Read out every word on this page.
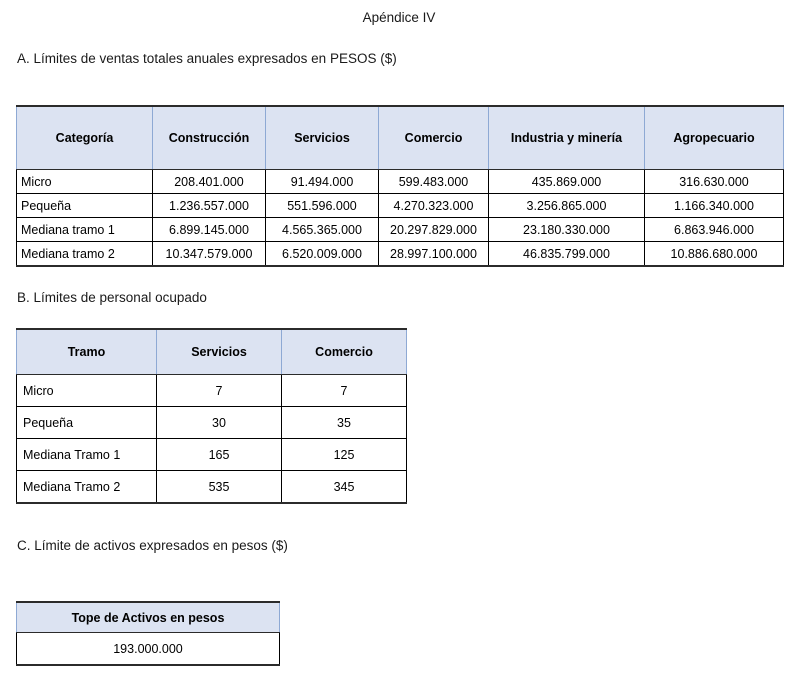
Apéndice IV
A. Límites de ventas totales anuales expresados en PESOS ($)
Categoría	Construcción	Servicios	Comercio	Industria y minería	Agropecuario
Micro	208.401.000	91.494.000	599.483.000	435.869.000	316.630.000
Pequeña	1.236.557.000	551.596.000	4.270.323.000	3.256.865.000	1.166.340.000
Mediana tramo 1	6.899.145.000	4.565.365.000	20.297.829.000	23.180.330.000	6.863.946.000
Mediana tramo 2	10.347.579.000	6.520.009.000	28.997.100.000	46.835.799.000	10.886.680.000
B. Límites de personal ocupado
Tramo	Servicios	Comercio
Micro	7	7
Pequeña	30	35
Mediana Tramo 1	165	125
Mediana Tramo 2	535	345
C. Límite de activos expresados en pesos ($)
Tope de Activos en pesos
193.000.000
